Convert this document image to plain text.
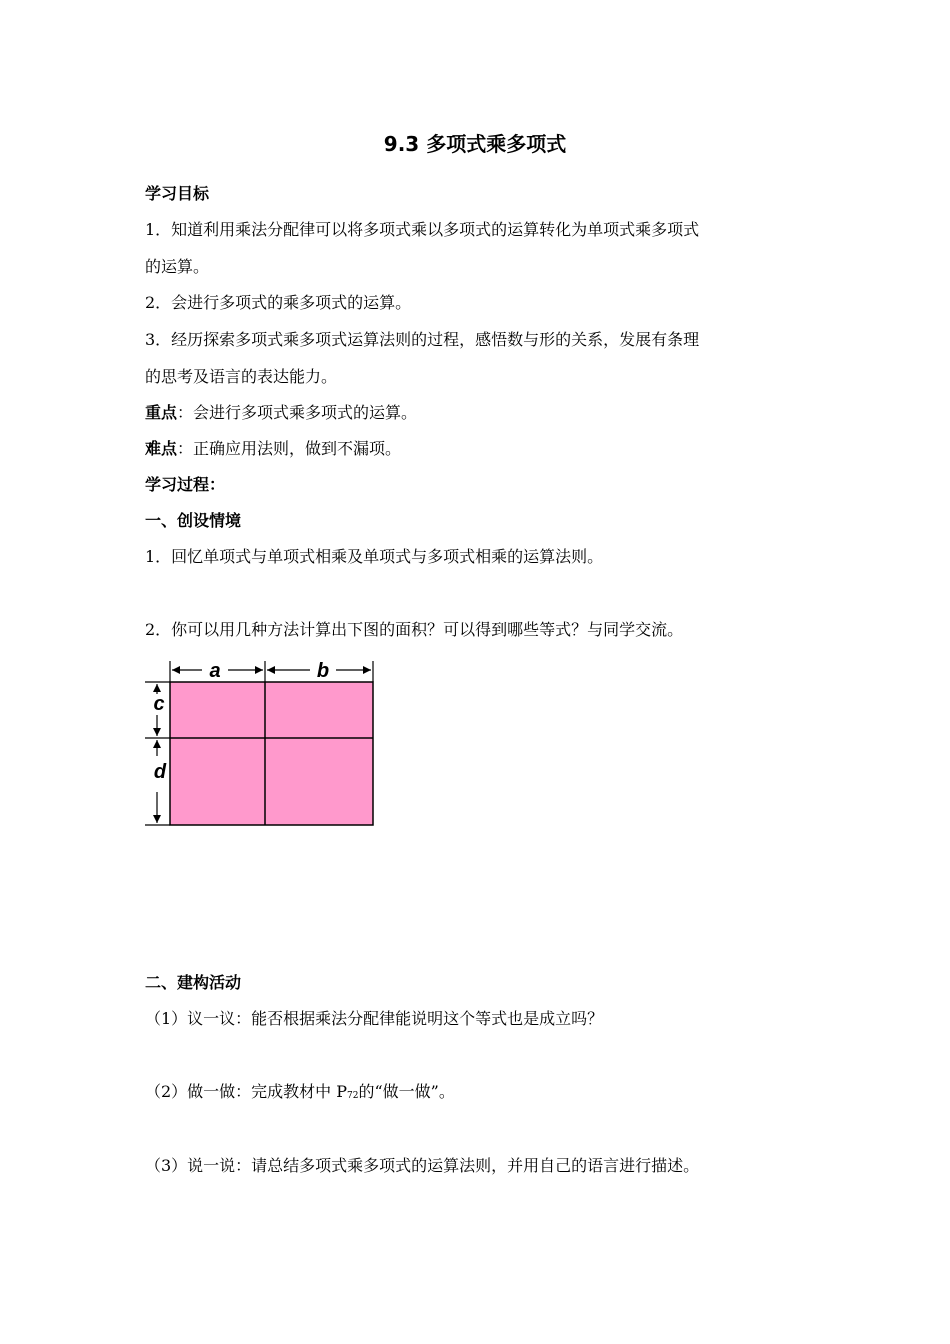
9.3 多项式乘多项式
学习目标
1．知道利用乘法分配律可以将多项式乘以多项式的运算转化为单项式乘多项式
的运算。
2．会进行多项式的乘多项式的运算。
3．经历探索多项式乘多项式运算法则的过程，感悟数与形的关系，发展有条理
的思考及语言的表达能力。
重点：会进行多项式乘多项式的运算。
难点：正确应用法则，做到不漏项。
学习过程：
一、创设情境
1．回忆单项式与单项式相乘及单项式与多项式相乘的运算法则。
2．你可以用几种方法计算出下图的面积？可以得到哪些等式？与同学交流。
a	b
c
d
二、建构活动
（1）议一议：能否根据乘法分配律能说明这个等式也是成立吗？
（2）做一做：完成教材中 $P_{72}$的“做一做”。
（3）说一说：请总结多项式乘多项式的运算法则，并用自己的语言进行描述。
